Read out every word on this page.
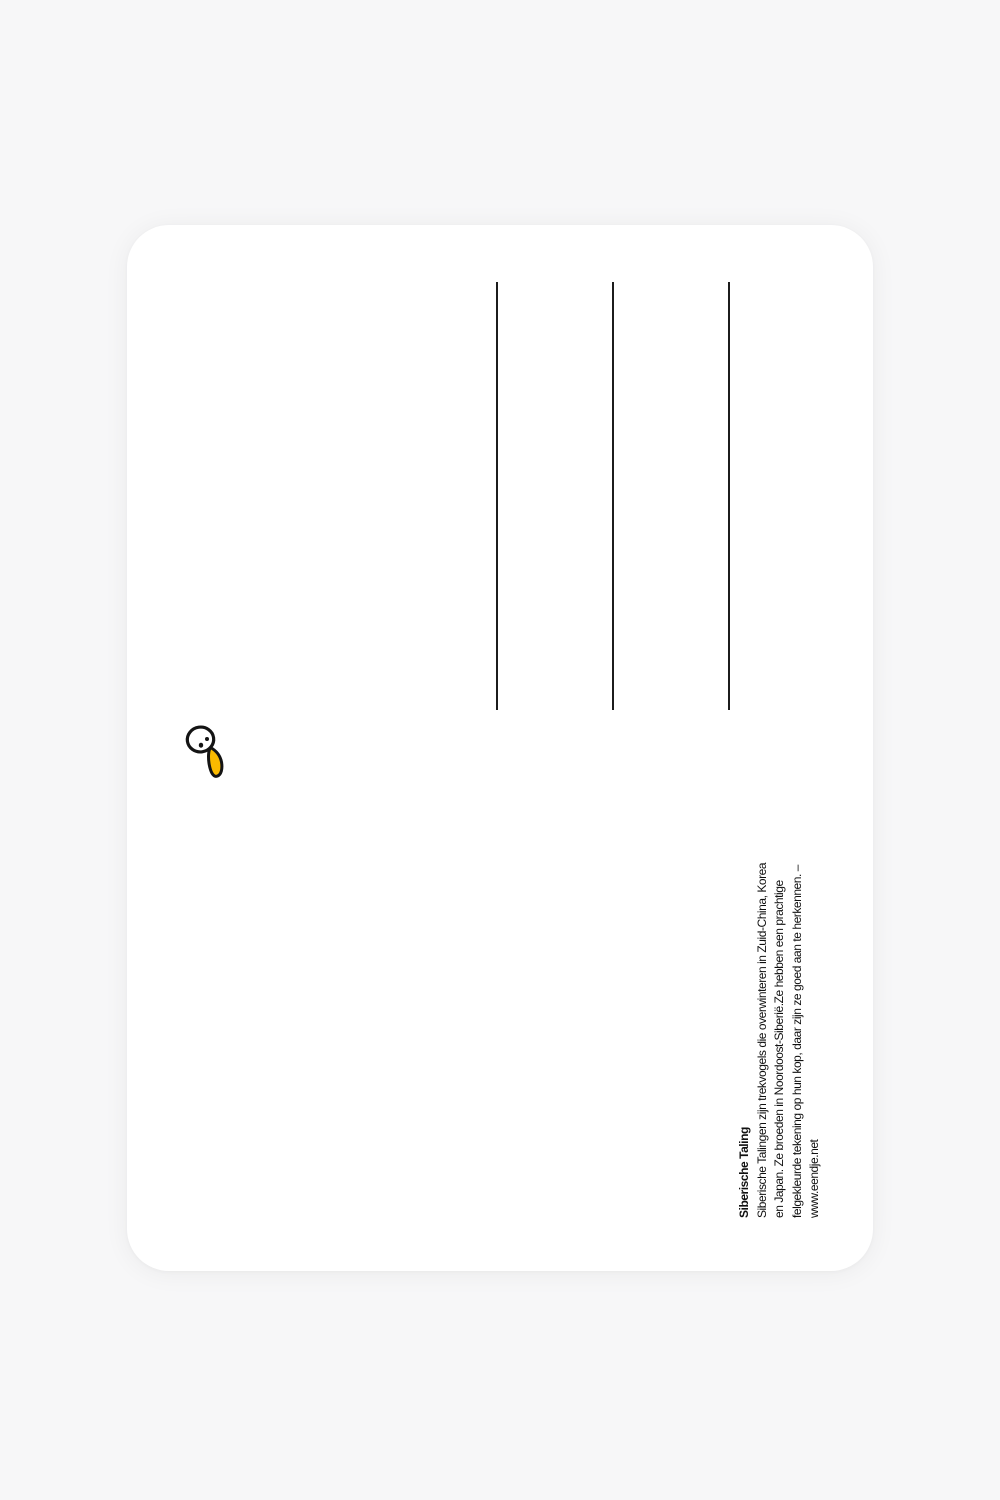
Siberische Taling Siberische Talingen zijn trekvogels die overwinteren in Zuid-China, Korea en Japan. Ze broeden in Noordoost-Siberië.Ze hebben een prachtige felgekleurde tekening op hun kop, daar zijn ze goed aan te herkennen. – www.eendje.net
